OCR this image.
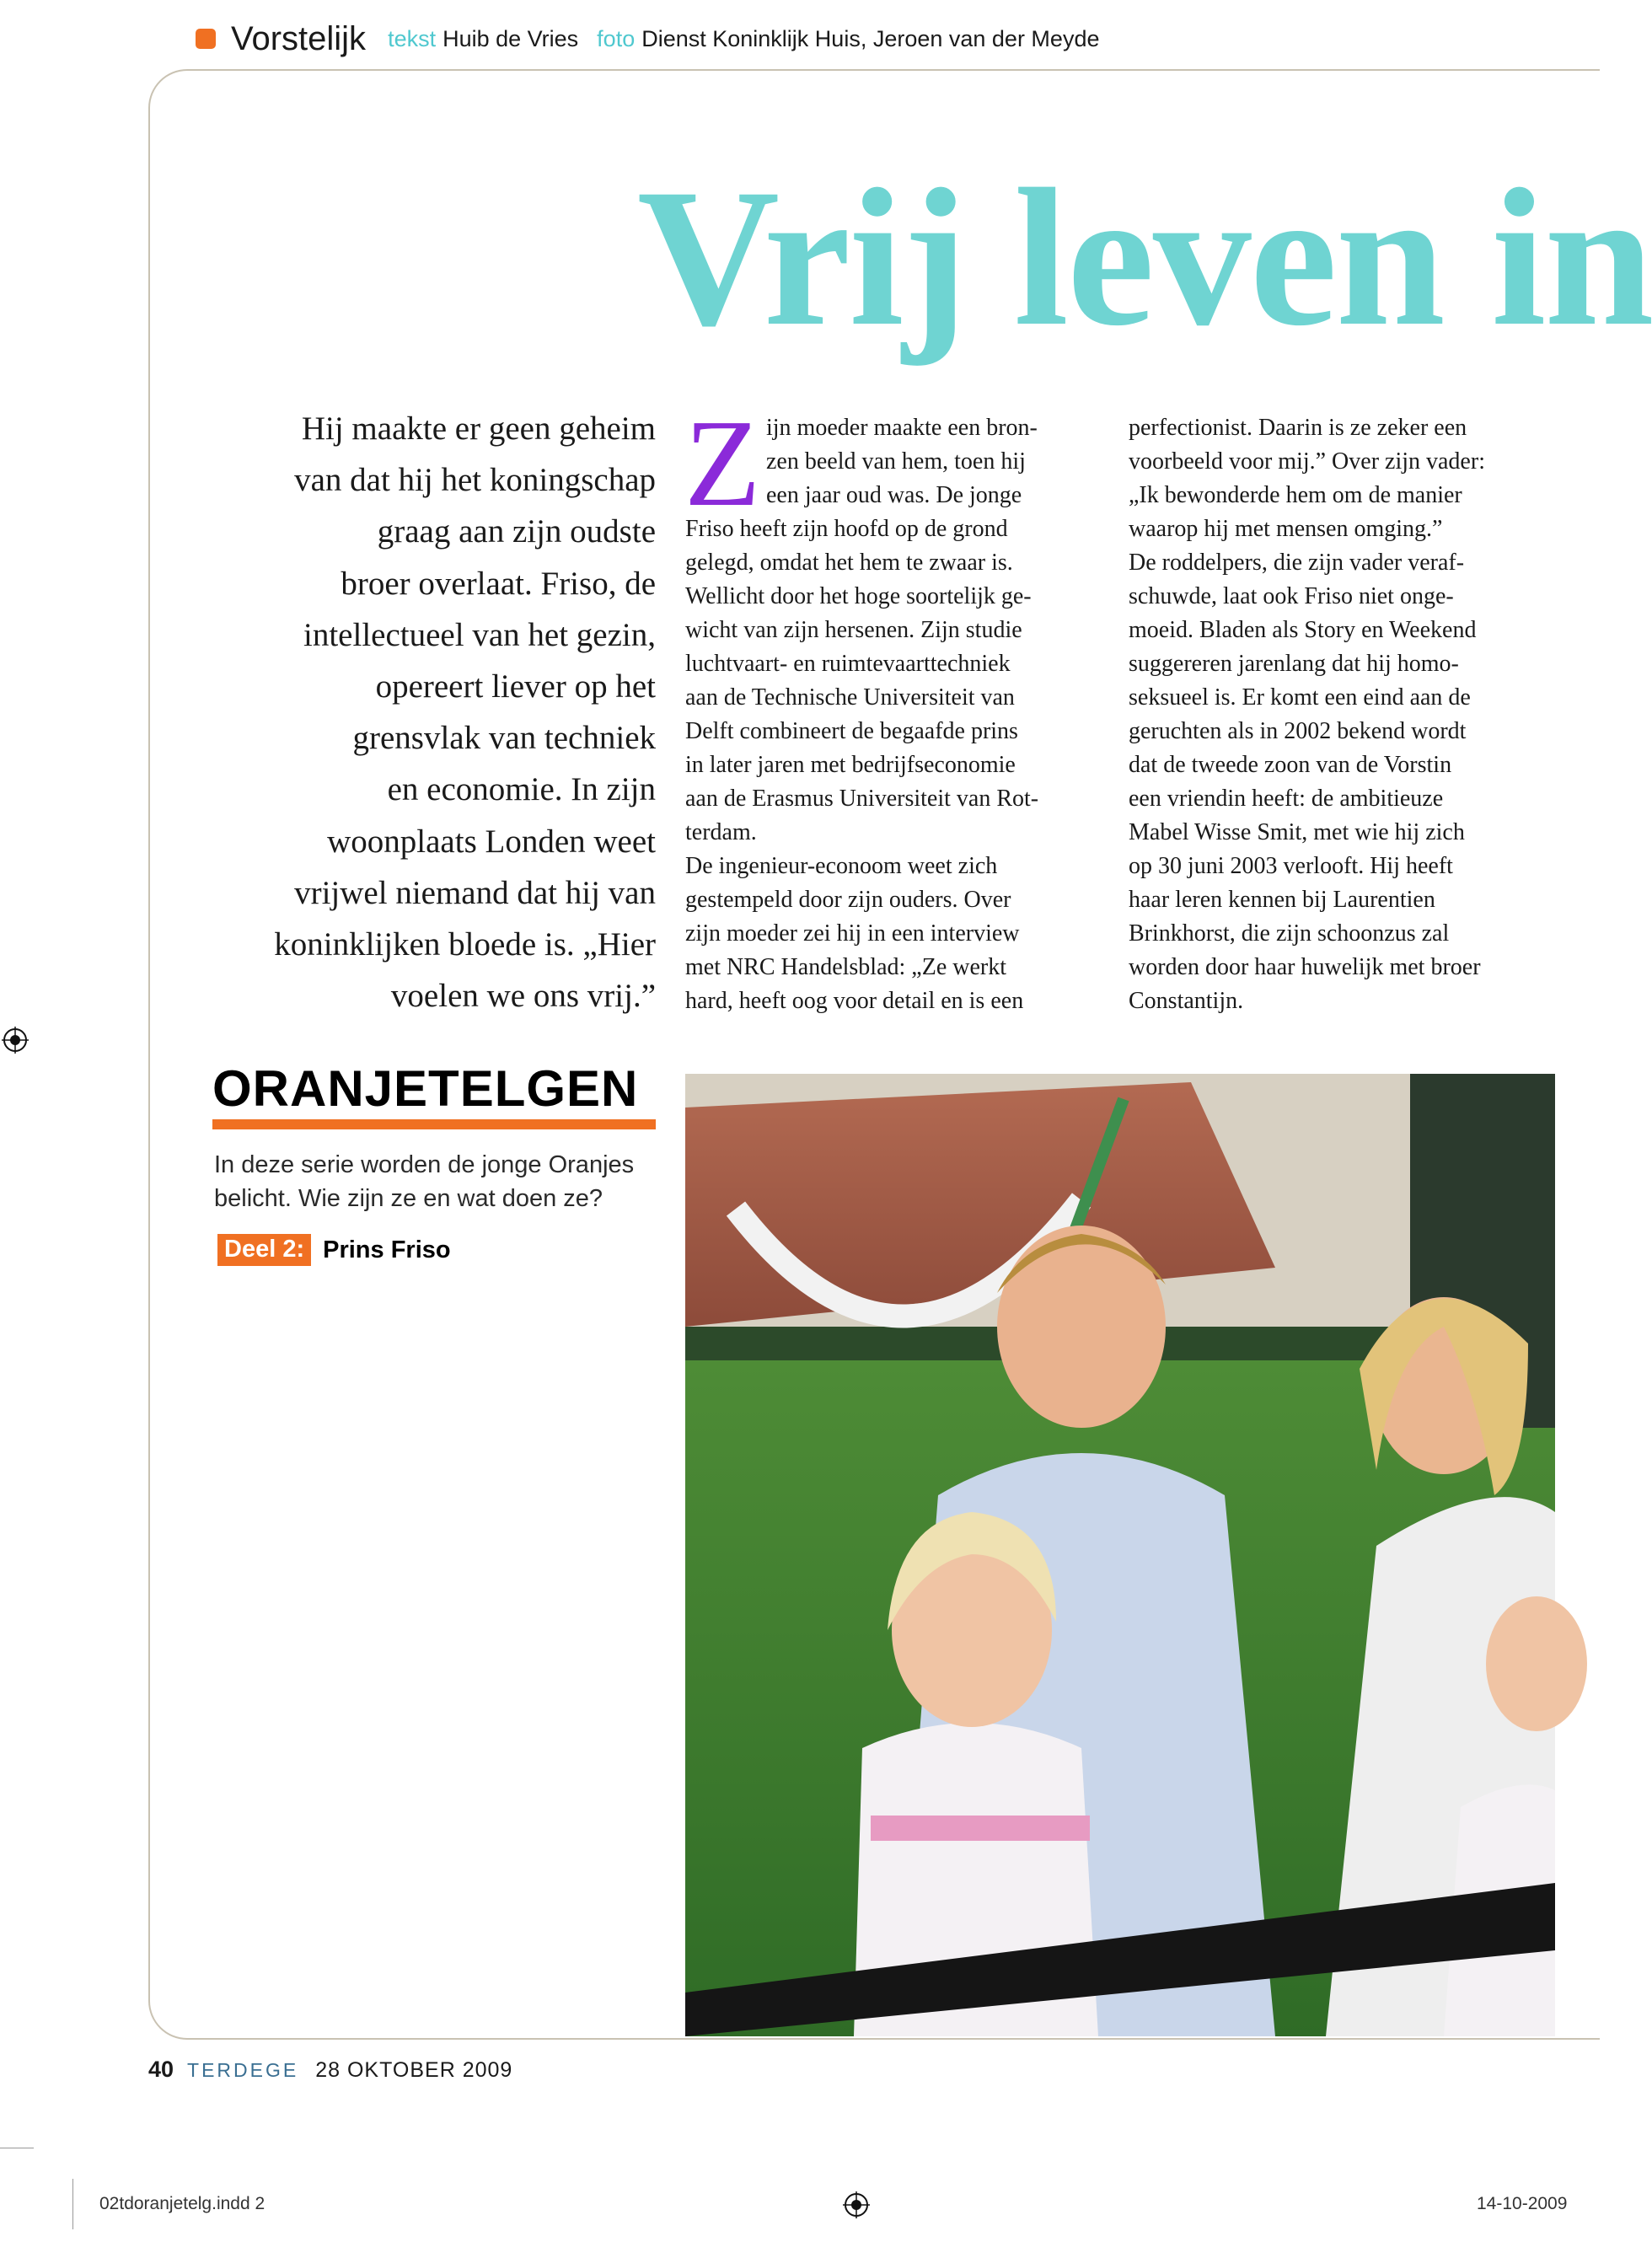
Vorstelijk tekst Huib de Vries foto Dienst Koninklijk Huis, Jeroen van der Meyde
Vrij leven in
Hij maakte er geen geheim
van dat hij het koningschap
graag aan zijn oudste
broer overlaat. Friso, de
intellectueel van het gezin,
opereert liever op het
grensvlak van techniek
en economie. In zijn
woonplaats Londen weet
vrijwel niemand dat hij van
koninklijken bloede is. „Hier
voelen we ons vrij.”
Z ijn moeder maakte een bron-
zen beeld van hem, toen hij
een jaar oud was. De jonge
Friso heeft zijn hoofd op de grond
gelegd, omdat het hem te zwaar is.
Wellicht door het hoge soortelijk ge-
wicht van zijn hersenen. Zijn studie
luchtvaart- en ruimtevaarttechniek
aan de Technische Universiteit van
Delft combineert de begaafde prins
in later jaren met bedrijfseconomie
aan de Erasmus Universiteit van Rot-
terdam.
De ingenieur-econoom weet zich
gestempeld door zijn ouders. Over
zijn moeder zei hij in een interview
met NRC Handelsblad: „Ze werkt
hard, heeft oog voor detail en is een
perfectionist. Daarin is ze zeker een
voorbeeld voor mij.” Over zijn vader:
„Ik bewonderde hem om de manier
waarop hij met mensen omging.”
De roddelpers, die zijn vader veraf-
schuwde, laat ook Friso niet onge-
moeid. Bladen als Story en Weekend
suggereren jarenlang dat hij homo-
seksueel is. Er komt een eind aan de
geruchten als in 2002 bekend wordt
dat de tweede zoon van de Vorstin
een vriendin heeft: de ambitieuze
Mabel Wisse Smit, met wie hij zich
op 30 juni 2003 verlooft. Hij heeft
haar leren kennen bij Laurentien
Brinkhorst, die zijn schoonzus zal
worden door haar huwelijk met broer
Constantijn.
ORANJETELGEN
In deze serie worden de jonge Oranjes
belicht. Wie zijn ze en wat doen ze?
Deel 2: Prins Friso
40 TERDEGE 28 OKTOBER 2009
02tdoranjetelg.indd 2	14-10-2009
